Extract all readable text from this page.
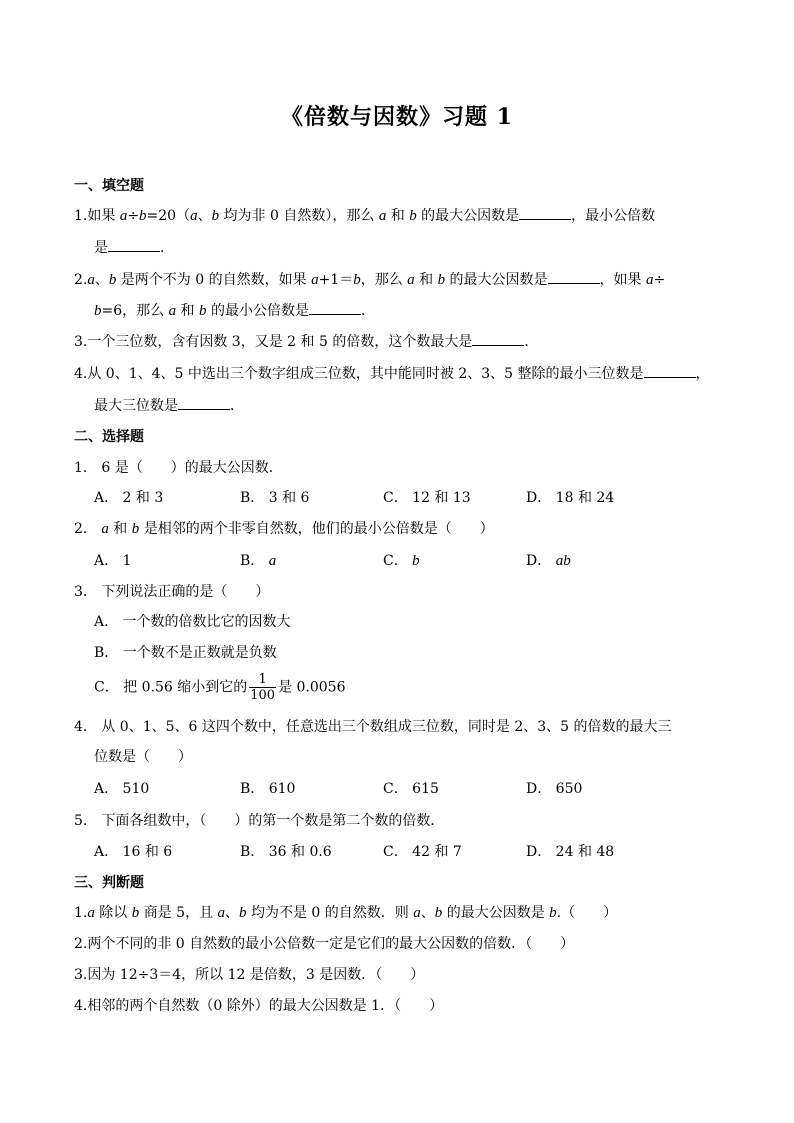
《倍数与因数》习题 1
一、填空题
1.如果 a÷b=20（a、b 均为非 0 自然数），那么 a 和 b 的最大公因数是	，最小公倍数
是	．
2.a、b 是两个不为 0 的自然数，如果 a+1＝b，那么 a 和 b 的最大公因数是	，如果 a÷
b=6，那么 a 和 b 的最小公倍数是	．
3.一个三位数，含有因数 3，又是 2 和 5 的倍数，这个数最大是	．
4.从 0、1、4、5 中选出三个数字组成三位数，其中能同时被 2、3、5 整除的最小三位数是	，
最大三位数是	．
二、选择题
1． 6 是（　　）的最大公因数．
A． 2 和 3	B． 3 和 6	C． 12 和 13	D． 18 和 24
2． a 和 b 是相邻的两个非零自然数，他们的最小公倍数是（　　）
A． 1	B． a	C． b	D． ab
3． 下列说法正确的是（　　）
A． 一个数的倍数比它的因数大
B． 一个数不是正数就是负数
C． 把 0.56 缩小到它的 $\frac{1}{100}$ 是 0.0056
4． 从 0、1、5、6 这四个数中，任意选出三个数组成三位数，同时是 2、3、5 的倍数的最大三
位数是（　　）
A． 510	B． 610	C． 615	D． 650
5． 下面各组数中，（　　）的第一个数是第二个数的倍数．
A． 16 和 6	B． 36 和 0.6	C． 42 和 7	D． 24 和 48
三、判断题
1.a 除以 b 商是 5，且 a、b 均为不是 0 的自然数．则 a、b 的最大公因数是 b.（　　）
2.两个不同的非 0 自然数的最小公倍数一定是它们的最大公因数的倍数．（　　）
3.因为 12÷3＝4，所以 12 是倍数，3 是因数．（　　）
4.相邻的两个自然数（0 除外）的最大公因数是 1．（　　）
